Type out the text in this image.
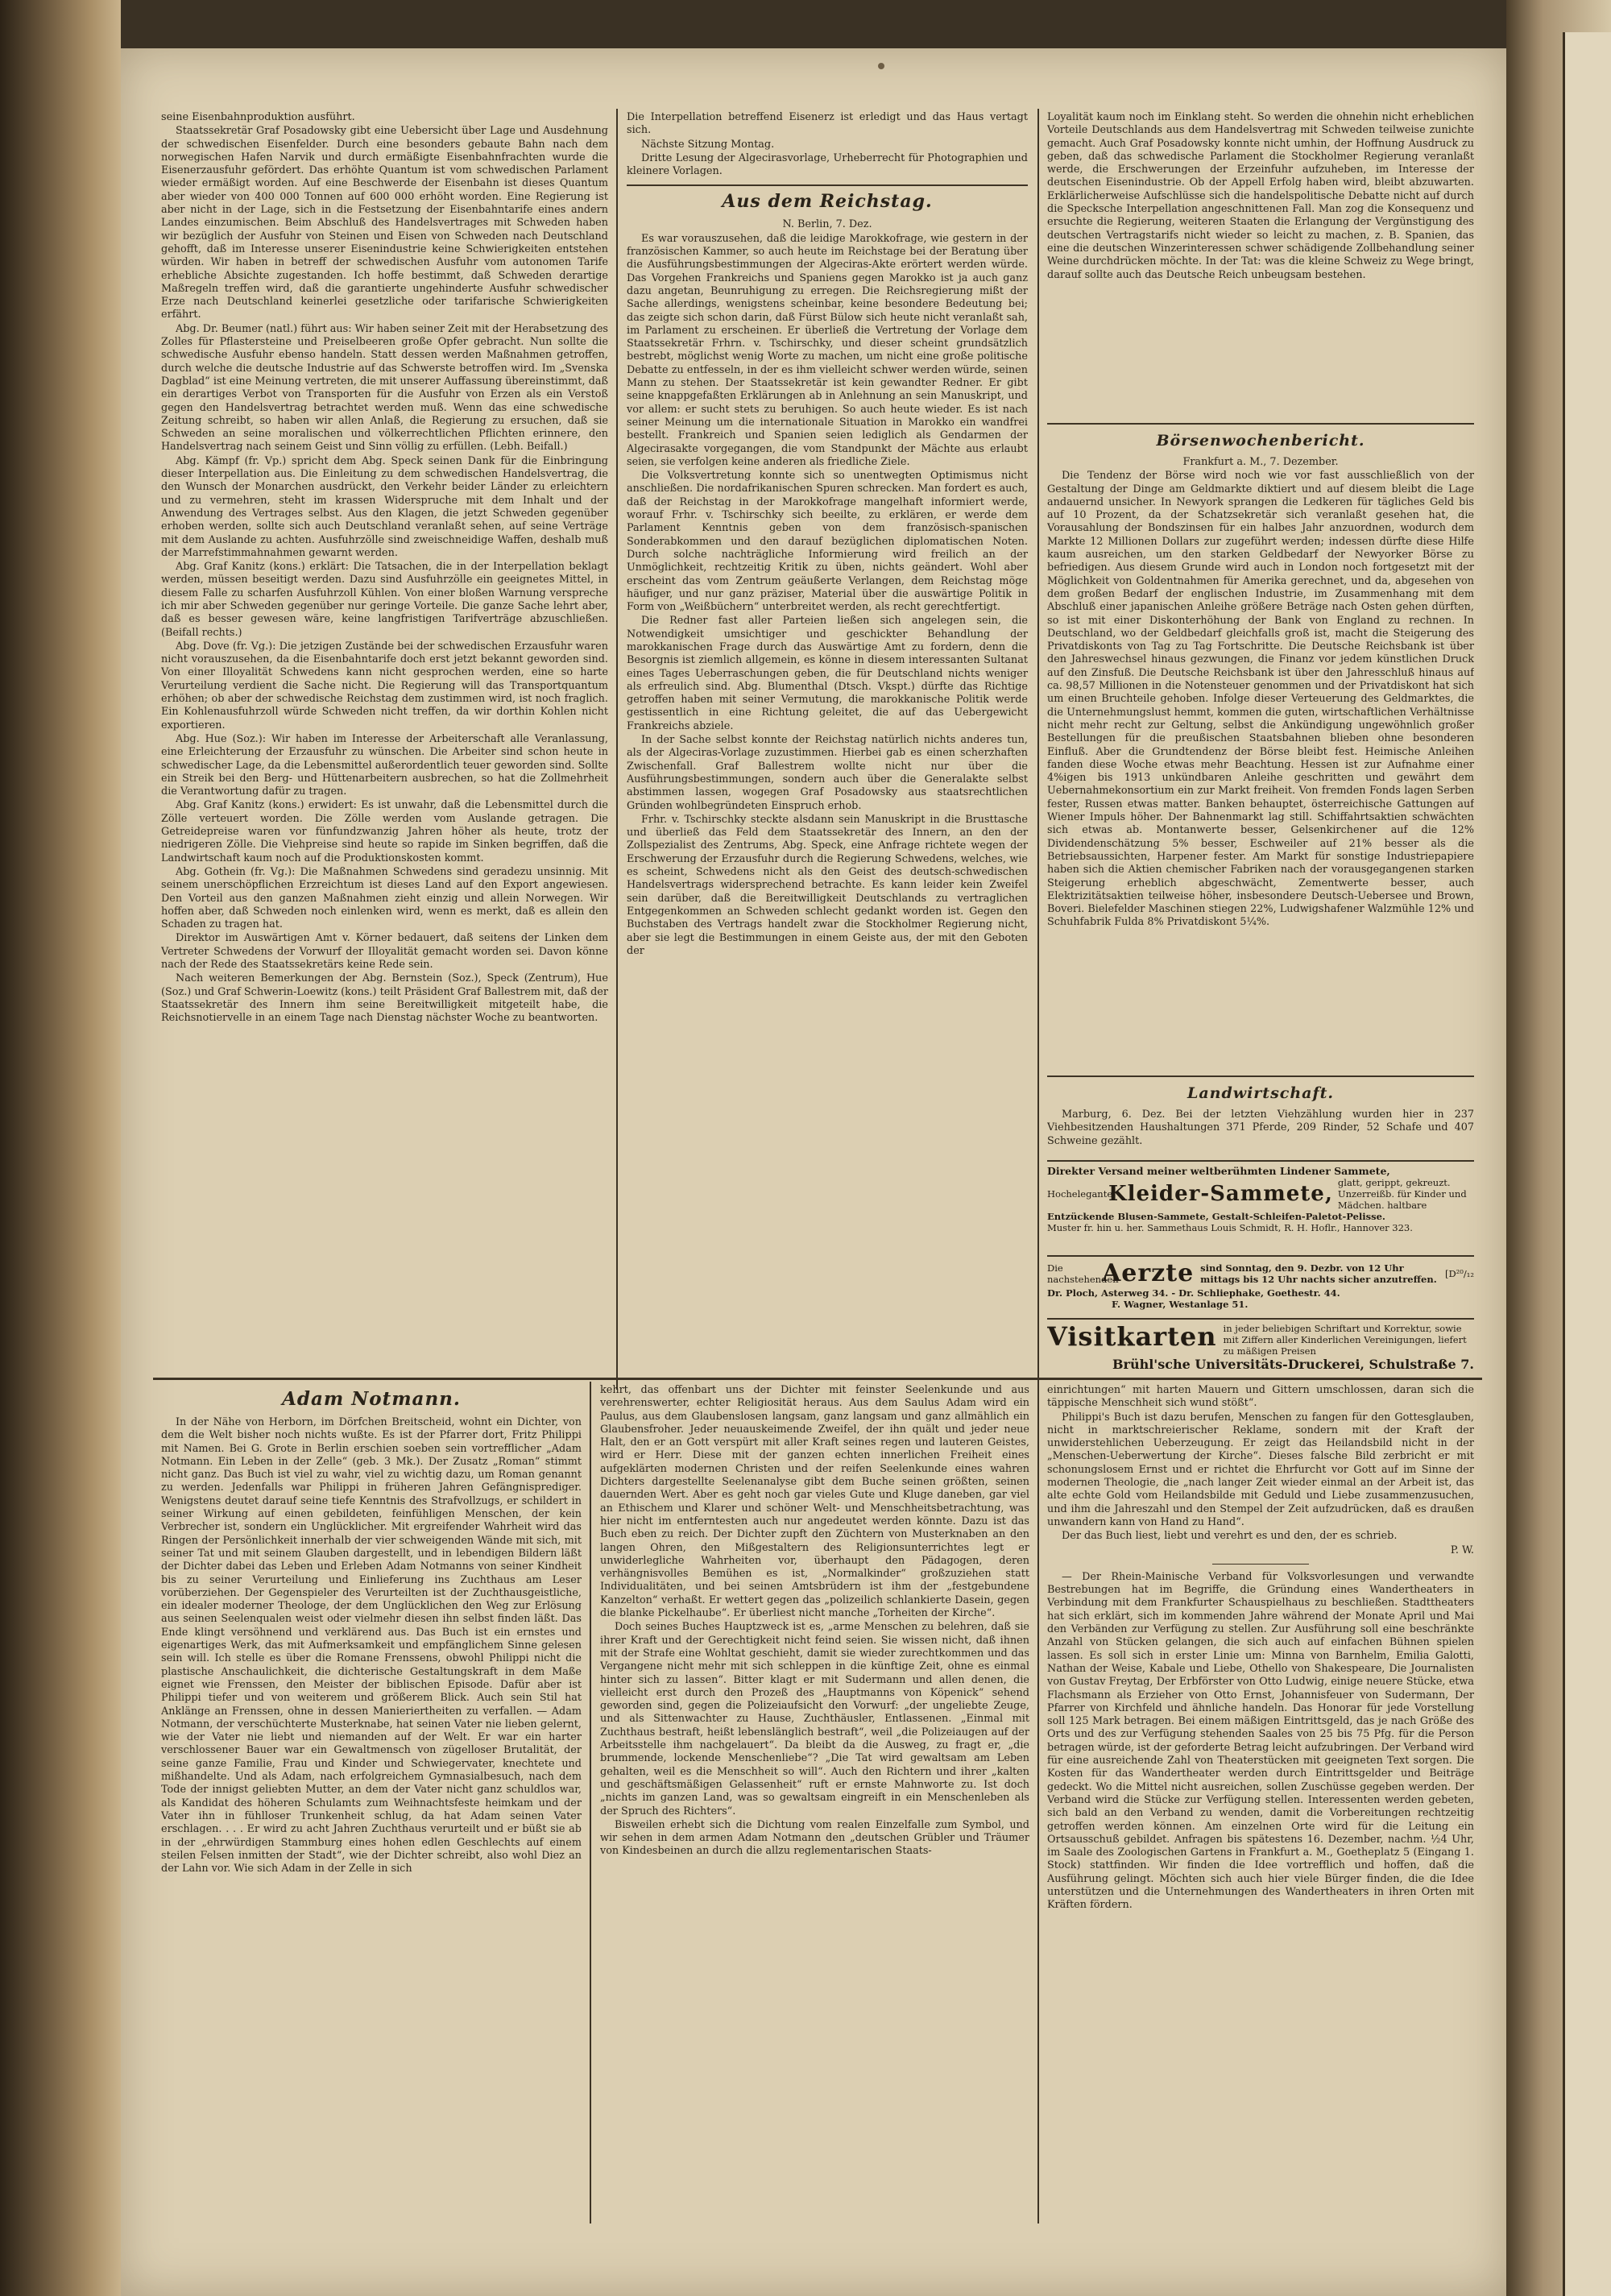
seine Eisenbahnproduktion ausführt.

Staatssekretär Graf Posadowsky gibt eine Uebersicht über Lage und Ausdehnung der schwedischen Eisenfelder. Durch eine besonders gebaute Bahn nach dem norwegischen Hafen Narvik und durch ermäßigte Eisenbahnfrachten wurde die Eisenerzausfuhr gefördert. Das erhöhte Quantum ist vom schwedischen Parlament wieder ermäßigt worden. Auf eine Beschwerde der Eisenbahn ist dieses Quantum aber wieder von 400 000 Tonnen auf 600 000 erhöht worden. Eine Regierung ist aber nicht in der Lage, sich in die Festsetzung der Eisenbahntarife eines andern Landes einzumischen. Beim Abschluß des Handelsvertrages mit Schweden haben wir bezüglich der Ausfuhr von Steinen und Eisen von Schweden nach Deutschland gehofft, daß im Interesse unserer Eisenindustrie keine Schwierigkeiten entstehen würden. Wir haben in betreff der schwedischen Ausfuhr vom autonomen Tarife erhebliche Absichte zugestanden. Ich hoffe bestimmt, daß Schweden derartige Maßregeln treffen wird, daß die garantierte ungehinderte Ausfuhr schwedischer Erze nach Deutschland keinerlei gesetzliche oder tarifarische Schwierigkeiten erfährt.

Abg. Dr. Beumer (natl.) führt aus: Wir haben seiner Zeit mit der Herabsetzung des Zolles für Pflastersteine und Preiselbeeren große Opfer gebracht. Nun sollte die schwedische Ausfuhr ebenso handeln. Statt dessen werden Maßnahmen getroffen, durch welche die deutsche Industrie auf das Schwerste betroffen wird. Im „Svenska Dagblad“ ist eine Meinung vertreten, die mit unserer Auffassung übereinstimmt, daß ein derartiges Verbot von Transporten für die Ausfuhr von Erzen als ein Verstoß gegen den Handelsvertrag betrachtet werden muß. Wenn das eine schwedische Zeitung schreibt, so haben wir allen Anlaß, die Regierung zu ersuchen, daß sie Schweden an seine moralischen und völkerrechtlichen Pflichten erinnere, den Handelsvertrag nach seinem Geist und Sinn völlig zu erfüllen. (Lebh. Beifall.)

Abg. Kämpf (fr. Vp.) spricht dem Abg. Speck seinen Dank für die Einbringung dieser Interpellation aus. Die Einleitung zu dem schwedischen Handelsvertrag, die den Wunsch der Monarchen ausdrückt, den Verkehr beider Länder zu erleichtern und zu vermehren, steht im krassen Widerspruche mit dem Inhalt und der Anwendung des Vertrages selbst. Aus den Klagen, die jetzt Schweden gegenüber erhoben werden, sollte sich auch Deutschland veranlaßt sehen, auf seine Verträge mit dem Auslande zu achten. Ausfuhrzölle sind zweischneidige Waffen, deshalb muß der Marrefstimmahnahmen gewarnt werden.

Abg. Graf Kanitz (kons.) erklärt: Die Tatsachen, die in der Interpellation beklagt werden, müssen beseitigt werden. Dazu sind Ausfuhrzölle ein geeignetes Mittel, in diesem Falle zu scharfen Ausfuhrzoll Kühlen. Von einer bloßen Warnung verspreche ich mir aber Schweden gegenüber nur geringe Vorteile. Die ganze Sache lehrt aber, daß es besser gewesen wäre, keine langfristigen Tarifverträge abzuschließen. (Beifall rechts.)

Abg. Dove (fr. Vg.): Die jetzigen Zustände bei der schwedischen Erzausfuhr waren nicht vorauszusehen, da die Eisenbahntarife doch erst jetzt bekannt geworden sind. Von einer Illoyalität Schwedens kann nicht gesprochen werden, eine so harte Verurteilung verdient die Sache nicht. Die Regierung will das Transportquantum erhöhen; ob aber der schwedische Reichstag dem zustimmen wird, ist noch fraglich. Ein Kohlenausfuhrzoll würde Schweden nicht treffen, da wir dorthin Kohlen nicht exportieren.

Abg. Hue (Soz.): Wir haben im Interesse der Arbeiterschaft alle Veranlassung, eine Erleichterung der Erzausfuhr zu wünschen. Die Arbeiter sind schon heute in schwedischer Lage, da die Lebensmittel außerordentlich teuer geworden sind. Sollte ein Streik bei den Berg- und Hüttenarbeitern ausbrechen, so hat die Zollmehrheit die Verantwortung dafür zu tragen.

Abg. Graf Kanitz (kons.) erwidert: Es ist unwahr, daß die Lebensmittel durch die Zölle verteuert worden. Die Zölle werden vom Auslande getragen. Die Getreidepreise waren vor fünfundzwanzig Jahren höher als heute, trotz der niedrigeren Zölle. Die Viehpreise sind heute so rapide im Sinken begriffen, daß die Landwirtschaft kaum noch auf die Produktionskosten kommt.

Abg. Gothein (fr. Vg.): Die Maßnahmen Schwedens sind geradezu unsinnig. Mit seinem unerschöpflichen Erzreichtum ist dieses Land auf den Export angewiesen. Den Vorteil aus den ganzen Maßnahmen zieht einzig und allein Norwegen. Wir hoffen aber, daß Schweden noch einlenken wird, wenn es merkt, daß es allein den Schaden zu tragen hat.

Direktor im Auswärtigen Amt v. Körner bedauert, daß seitens der Linken dem Vertreter Schwedens der Vorwurf der Illoyalität gemacht worden sei. Davon könne nach der Rede des Staatssekretärs keine Rede sein.

Nach weiteren Bemerkungen der Abg. Bernstein (Soz.), Speck (Zentrum), Hue (Soz.) und Graf Schwerin-Loewitz (kons.) teilt Präsident Graf Ballestrem mit, daß der Staatssekretär des Innern ihm seine Bereitwilligkeit mitgeteilt habe, die Reichsnotiervelle in an einem Tage nach Dienstag nächster Woche zu beantworten.

Die Interpellation betreffend Eisenerz ist erledigt und das Haus vertagt sich.

Nächste Sitzung Montag.

Dritte Lesung der Algecirasvorlage, Urheberrecht für Photographien und kleinere Vorlagen.

Aus dem Reichstag.

N. Berlin, 7. Dez.

Es war vorauszusehen, daß die leidige Marokkofrage, wie gestern in der französischen Kammer, so auch heute im Reichstage bei der Beratung über die Ausführungsbestimmungen der Algeciras-Akte erörtert werden würde. Das Vorgehen Frankreichs und Spaniens gegen Marokko ist ja auch ganz dazu angetan, Beunruhigung zu erregen. Die Reichsregierung mißt der Sache allerdings, wenigstens scheinbar, keine besondere Bedeutung bei; das zeigte sich schon darin, daß Fürst Bülow sich heute nicht veranlaßt sah, im Parlament zu erscheinen. Er überließ die Vertretung der Vorlage dem Staatssekretär Frhrn. v. Tschirschky, und dieser scheint grundsätzlich bestrebt, möglichst wenig Worte zu machen, um nicht eine große politische Debatte zu entfesseln, in der es ihm vielleicht schwer werden würde, seinen Mann zu stehen. Der Staatssekretär ist kein gewandter Redner. Er gibt seine knappgefaßten Erklärungen ab in Anlehnung an sein Manuskript, und vor allem: er sucht stets zu beruhigen. So auch heute wieder. Es ist nach seiner Meinung um die internationale Situation in Marokko ein wandfrei bestellt. Frankreich und Spanien seien lediglich als Gendarmen der Algecirasakte vorgegangen, die vom Standpunkt der Mächte aus erlaubt seien, sie verfolgen keine anderen als friedliche Ziele.

Die Volksvertretung konnte sich so unentwegten Optimismus nicht anschließen. Die nordafrikanischen Spuren schrecken. Man fordert es auch, daß der Reichstag in der Marokkofrage mangelhaft informiert werde, worauf Frhr. v. Tschirschky sich beeilte, zu erklären, er werde dem Parlament Kenntnis geben von dem französisch-spanischen Sonderabkommen und den darauf bezüglichen diplomatischen Noten. Durch solche nachträgliche Informierung wird freilich an der Unmöglichkeit, rechtzeitig Kritik zu üben, nichts geändert. Wohl aber erscheint das vom Zentrum geäußerte Verlangen, dem Reichstag möge häufiger, und nur ganz präziser, Material über die auswärtige Politik in Form von „Weißbüchern“ unterbreitet werden, als recht gerechtfertigt.

Die Redner fast aller Parteien ließen sich angelegen sein, die Notwendigkeit umsichtiger und geschickter Behandlung der marokkanischen Frage durch das Auswärtige Amt zu fordern, denn die Besorgnis ist ziemlich allgemein, es könne in diesem interessanten Sultanat eines Tages Ueberraschungen geben, die für Deutschland nichts weniger als erfreulich sind. Abg. Blumenthal (Dtsch. Vkspt.) dürfte das Richtige getroffen haben mit seiner Vermutung, die marokkanische Politik werde gestissentlich in eine Richtung geleitet, die auf das Uebergewicht Frankreichs abziele.

In der Sache selbst konnte der Reichstag natürlich nichts anderes tun, als der Algeciras-Vorlage zuzustimmen. Hierbei gab es einen scherzhaften Zwischenfall. Graf Ballestrem wollte nicht nur über die Ausführungsbestimmungen, sondern auch über die Generalakte selbst abstimmen lassen, wogegen Graf Posadowsky aus staatsrechtlichen Gründen wohlbegründeten Einspruch erhob.

Frhr. v. Tschirschky steckte alsdann sein Manuskript in die Brusttasche und überließ das Feld dem Staatssekretär des Innern, an den der Zollspezialist des Zentrums, Abg. Speck, eine Anfrage richtete wegen der Erschwerung der Erzausfuhr durch die Regierung Schwedens, welches, wie es scheint, Schwedens nicht als den Geist des deutsch-schwedischen Handelsvertrags widersprechend betrachte. Es kann leider kein Zweifel sein darüber, daß die Bereitwilligkeit Deutschlands zu vertraglichen Entgegenkommen an Schweden schlecht gedankt worden ist. Gegen den Buchstaben des Vertrags handelt zwar die Stockholmer Regierung nicht, aber sie legt die Bestimmungen in einem Geiste aus, der mit den Geboten der

Loyalität kaum noch im Einklang steht. So werden die ohnehin nicht erheblichen Vorteile Deutschlands aus dem Handelsvertrag mit Schweden teilweise zunichte gemacht. Auch Graf Posadowsky konnte nicht umhin, der Hoffnung Ausdruck zu geben, daß das schwedische Parlament die Stockholmer Regierung veranlaßt werde, die Erschwerungen der Erzeinfuhr aufzuheben, im Interesse der deutschen Eisenindustrie. Ob der Appell Erfolg haben wird, bleibt abzuwarten. Erklärlicherweise Aufschlüsse sich die handelspolitische Debatte nicht auf durch die Specksche Interpellation angeschnittenen Fall. Man zog die Konsequenz und ersuchte die Regierung, weiteren Staaten die Erlangung der Vergünstigung des deutschen Vertragstarifs nicht wieder so leicht zu machen, z. B. Spanien, das eine die deutschen Winzerinteressen schwer schädigende Zollbehandlung seiner Weine durchdrücken möchte. In der Tat: was die kleine Schweiz zu Wege bringt, darauf sollte auch das Deutsche Reich unbeugsam bestehen.

Börsenwochenbericht.

Frankfurt a. M., 7. Dezember.

Die Tendenz der Börse wird noch wie vor fast ausschließlich von der Gestaltung der Dinge am Geldmarkte diktiert und auf diesem bleibt die Lage andauernd unsicher. In Newyork sprangen die Ledkeren für tägliches Geld bis auf 10 Prozent, da der Schatzsekretär sich veranlaßt gesehen hat, die Vorausahlung der Bondszinsen für ein halbes Jahr anzuordnen, wodurch dem Markte 12 Millionen Dollars zur zugeführt werden; indessen dürfte diese Hilfe kaum ausreichen, um den starken Geldbedarf der Newyorker Börse zu befriedigen. Aus diesem Grunde wird auch in London noch fortgesetzt mit der Möglichkeit von Goldentnahmen für Amerika gerechnet, und da, abgesehen von dem großen Bedarf der englischen Industrie, im Zusammenhang mit dem Abschluß einer japanischen Anleihe größere Beträge nach Osten gehen dürften, so ist mit einer Diskonterhöhung der Bank von England zu rechnen. In Deutschland, wo der Geldbedarf gleichfalls groß ist, macht die Steigerung des Privatdiskonts von Tag zu Tag Fortschritte. Die Deutsche Reichsbank ist über den Jahreswechsel hinaus gezwungen, die Finanz vor jedem künstlichen Druck auf den Zinsfuß. Die Deutsche Reichsbank ist über den Jahresschluß hinaus auf ca. 98,57 Millionen in die Notensteuer genommen und der Privatdiskont hat sich um einen Bruchteile gehoben. Infolge dieser Verteuerung des Geldmarktes, die die Unternehmungslust hemmt, kommen die guten, wirtschaftlichen Verhältnisse nicht mehr recht zur Geltung, selbst die Ankündigung ungewöhnlich großer Bestellungen für die preußischen Staatsbahnen blieben ohne besonderen Einfluß. Aber die Grundtendenz der Börse bleibt fest. Heimische Anleihen fanden diese Woche etwas mehr Beachtung. Hessen ist zur Aufnahme einer 4%igen bis 1913 unkündbaren Anleihe geschritten und gewährt dem Uebernahmekonsortium ein zur Markt freiheit. Von fremden Fonds lagen Serben fester, Russen etwas matter. Banken behauptet, österreichische Gattungen auf Wiener Impuls höher. Der Bahnenmarkt lag still. Schiffahrtsaktien schwächten sich etwas ab. Montanwerte besser, Gelsenkirchener auf die 12% Dividendenschätzung 5% besser, Eschweiler auf 21% besser als die Betriebsaussichten, Harpener fester. Am Markt für sonstige Industriepapiere haben sich die Aktien chemischer Fabriken nach der vorausgegangenen starken Steigerung erheblich abgeschwächt, Zementwerte besser, auch Elektrizitätsaktien teilweise höher, insbesondere Deutsch-Uebersee und Brown, Boveri. Bielefelder Maschinen stiegen 22%, Ludwigshafener Walzmühle 12% und Schuhfabrik Fulda 8% Privatdiskont 5¼%.

Landwirtschaft.

Marburg, 6. Dez. Bei der letzten Viehzählung wurden hier in 237 Viehbesitzenden Haushaltungen 371 Pferde, 209 Rinder, 52 Schafe und 407 Schweine gezählt.

Direkter Versand meiner weltberühmten Lindener Sammete,
Hochelegante
Kleider-Sammete, glatt, gerippt, gekreuzt. Unzerreißb. für Kinder und Mädchen. haltbare
Entzückende Blusen-Sammete, Gestalt-Schleifen-Paletot-Pelisse.
Muster fr. hin u. her. Sammethaus Louis Schmidt, R. H. Hoflr., Hannover 323.
Die nachstehenden
Aerzte sind Sonntag, den 9. Dezbr. von 12 Uhr mittags bis 12 Uhr nachts sicher anzutreffen. [D²⁰/₁₂
Dr. Ploch, Asterweg 34. - Dr. Schliephake, Goethestr. 44.
F. Wagner, Westanlage 51.
Visitkarten in jeder beliebigen Schriftart und Korrektur, sowie mit Ziffern aller Kinderlichen Vereinigungen, liefert zu mäßigen Preisen
Brühl'sche Universitäts-Druckerei, Schulstraße 7.
Adam Notmann.

In der Nähe von Herborn, im Dörfchen Breitscheid, wohnt ein Dichter, von dem die Welt bisher noch nichts wußte. Es ist der Pfarrer dort, Fritz Philippi mit Namen. Bei G. Grote in Berlin erschien soeben sein vortrefflicher „Adam Notmann. Ein Leben in der Zelle“ (geb. 3 Mk.). Der Zusatz „Roman“ stimmt nicht ganz. Das Buch ist viel zu wahr, viel zu wichtig dazu, um Roman genannt zu werden. Jedenfalls war Philippi in früheren Jahren Gefängnisprediger. Wenigstens deutet darauf seine tiefe Kenntnis des Strafvollzugs, er schildert in seiner Wirkung auf einen gebildeten, feinfühligen Menschen, der kein Verbrecher ist, sondern ein Unglücklicher. Mit ergreifender Wahrheit wird das Ringen der Persönlichkeit innerhalb der vier schweigenden Wände mit sich, mit seiner Tat und mit seinem Glauben dargestellt, und in lebendigen Bildern läßt der Dichter dabei das Leben und Erleben Adam Notmanns von seiner Kindheit bis zu seiner Verurteilung und Einlieferung ins Zuchthaus am Leser vorüberziehen. Der Gegenspieler des Verurteilten ist der Zuchthausgeistliche, ein idealer moderner Theologe, der dem Unglücklichen den Weg zur Erlösung aus seinen Seelenqualen weist oder vielmehr diesen ihn selbst finden läßt. Das Ende klingt versöhnend und verklärend aus. Das Buch ist ein ernstes und eigenartiges Werk, das mit Aufmerksamkeit und empfänglichem Sinne gelesen sein will. Ich stelle es über die Romane Frenssens, obwohl Philippi nicht die plastische Anschaulichkeit, die dichterische Gestaltungskraft in dem Maße eignet wie Frenssen, den Meister der biblischen Episode. Dafür aber ist Philippi tiefer und von weiterem und größerem Blick. Auch sein Stil hat Anklänge an Frenssen, ohne in dessen Manieriertheiten zu verfallen. — Adam Notmann, der verschüchterte Musterknabe, hat seinen Vater nie lieben gelernt, wie der Vater nie liebt und niemanden auf der Welt. Er war ein harter verschlossener Bauer war ein Gewaltmensch von zügelloser Brutalität, der seine ganze Familie, Frau und Kinder und Schwiegervater, knechtete und mißhandelte. Und als Adam, nach erfolgreichem Gymnasialbesuch, nach dem Tode der innigst geliebten Mutter, an dem der Vater nicht ganz schuldlos war, als Kandidat des höheren Schulamts zum Weihnachtsfeste heimkam und der Vater ihn in fühlloser Trunkenheit schlug, da hat Adam seinen Vater erschlagen. . . . Er wird zu acht Jahren Zuchthaus verurteilt und er büßt sie ab in der „ehrwürdigen Stammburg eines hohen edlen Geschlechts auf einem steilen Felsen inmitten der Stadt“, wie der Dichter schreibt, also wohl Diez an der Lahn vor. Wie sich Adam in der Zelle in sich

kehrt, das offenbart uns der Dichter mit feinster Seelenkunde und aus verehrenswerter, echter Religiosität heraus. Aus dem Saulus Adam wird ein Paulus, aus dem Glaubenslosen langsam, ganz langsam und ganz allmählich ein Glaubensfroher. Jeder neuauskeimende Zweifel, der ihn quält und jeder neue Halt, den er an Gott verspürt mit aller Kraft seines regen und lauteren Geistes, wird er Herr. Diese mit der ganzen echten innerlichen Freiheit eines aufgeklärten modernen Christen und der reifen Seelenkunde eines wahren Dichters dargestellte Seelenanalyse gibt dem Buche seinen größten, seinen dauernden Wert. Aber es geht noch gar vieles Gute und Kluge daneben, gar viel an Ethischem und Klarer und schöner Welt- und Menschheitsbetrachtung, was hier nicht im entferntesten auch nur angedeutet werden könnte. Dazu ist das Buch eben zu reich. Der Dichter zupft den Züchtern von Musterknaben an den langen Ohren, den Mißgestaltern des Religionsunterrichtes legt er unwiderlegliche Wahrheiten vor, überhaupt den Pädagogen, deren verhängnisvolles Bemühen es ist, „Normalkinder“ großzuziehen statt Individualitäten, und bei seinen Amtsbrüdern ist ihm der „festgebundene Kanzelton“ verhaßt. Er wettert gegen das „polizeilich schlankierte Dasein, gegen die blanke Pickelhaube“. Er überliest nicht manche „Torheiten der Kirche“.

Doch seines Buches Hauptzweck ist es, „arme Menschen zu belehren, daß sie ihrer Kraft und der Gerechtigkeit nicht feind seien. Sie wissen nicht, daß ihnen mit der Strafe eine Wohltat geschieht, damit sie wieder zurechtkommen und das Vergangene nicht mehr mit sich schleppen in die künftige Zeit, ohne es einmal hinter sich zu lassen“. Bitter klagt er mit Sudermann und allen denen, die vielleicht erst durch den Prozeß des „Hauptmanns von Köpenick“ sehend geworden sind, gegen die Polizeiaufsicht den Vorwurf: „der ungeliebte Zeuge, und als Sittenwachter zu Hause, Zuchthäusler, Entlassenen. „Einmal mit Zuchthaus bestraft, heißt lebenslänglich bestraft“, weil „die Polizeiaugen auf der Arbeitsstelle ihm nachgelauert“. Da bleibt da die Ausweg, zu fragt er, „die brummende, lockende Menschenliebe“? „Die Tat wird gewaltsam am Leben gehalten, weil es die Menschheit so will“. Auch den Richtern und ihrer „kalten und geschäftsmäßigen Gelassenheit“ ruft er ernste Mahnworte zu. Ist doch „nichts im ganzen Land, was so gewaltsam eingreift in ein Menschenleben als der Spruch des Richters“.

Bisweilen erhebt sich die Dichtung vom realen Einzelfalle zum Symbol, und wir sehen in dem armen Adam Notmann den „deutschen Grübler und Träumer von Kindesbeinen an durch die allzu reglementarischen Staats-

einrichtungen“ mit harten Mauern und Gittern umschlossen, daran sich die täppische Menschheit sich wund stößt“.

Philippi's Buch ist dazu berufen, Menschen zu fangen für den Gottesglauben, nicht in marktschreierischer Reklame, sondern mit der Kraft der unwiderstehlichen Ueberzeugung. Er zeigt das Heilandsbild nicht in der „Menschen-Ueberwertung der Kirche“. Dieses falsche Bild zerbricht er mit schonungslosem Ernst und er richtet die Ehrfurcht vor Gott auf im Sinne der modernen Theologie, die „nach langer Zeit wieder einmal an der Arbeit ist, das alte echte Gold vom Heilandsbilde mit Geduld und Liebe zusammenzusuchen, und ihm die Jahreszahl und den Stempel der Zeit aufzudrücken, daß es draußen unwandern kann von Hand zu Hand“.

Der das Buch liest, liebt und verehrt es und den, der es schrieb.

P. W.

— Der Rhein-Mainische Verband für Volksvorlesungen und verwandte Bestrebungen hat im Begriffe, die Gründung eines Wandertheaters in Verbindung mit dem Frankfurter Schauspielhaus zu beschließen. Stadttheaters hat sich erklärt, sich im kommenden Jahre während der Monate April und Mai den Verbänden zur Verfügung zu stellen. Zur Ausführung soll eine beschränkte Anzahl von Stücken gelangen, die sich auch auf einfachen Bühnen spielen lassen. Es soll sich in erster Linie um: Minna von Barnhelm, Emilia Galotti, Nathan der Weise, Kabale und Liebe, Othello von Shakespeare, Die Journalisten von Gustav Freytag, Der Erbförster von Otto Ludwig, einige neuere Stücke, etwa Flachsmann als Erzieher von Otto Ernst, Johannisfeuer von Sudermann, Der Pfarrer von Kirchfeld und ähnliche handeln. Das Honorar für jede Vorstellung soll 125 Mark betragen. Bei einem mäßigen Eintrittsgeld, das je nach Größe des Orts und des zur Verfügung stehenden Saales von 25 bis 75 Pfg. für die Person betragen würde, ist der geforderte Betrag leicht aufzubringen. Der Verband wird für eine ausreichende Zahl von Theaterstücken mit geeigneten Text sorgen. Die Kosten für das Wandertheater werden durch Eintrittsgelder und Beiträge gedeckt. Wo die Mittel nicht ausreichen, sollen Zuschüsse gegeben werden. Der Verband wird die Stücke zur Verfügung stellen. Interessenten werden gebeten, sich bald an den Verband zu wenden, damit die Vorbereitungen rechtzeitig getroffen werden können. Am einzelnen Orte wird für die Leitung ein Ortsausschuß gebildet. Anfragen bis spätestens 16. Dezember, nachm. ½4 Uhr, im Saale des Zoologischen Gartens in Frankfurt a. M., Goetheplatz 5 (Eingang 1. Stock) stattfinden. Wir finden die Idee vortrefflich und hoffen, daß die Ausführung gelingt. Möchten sich auch hier viele Bürger finden, die die Idee unterstützen und die Unternehmungen des Wandertheaters in ihren Orten mit Kräften fördern.
